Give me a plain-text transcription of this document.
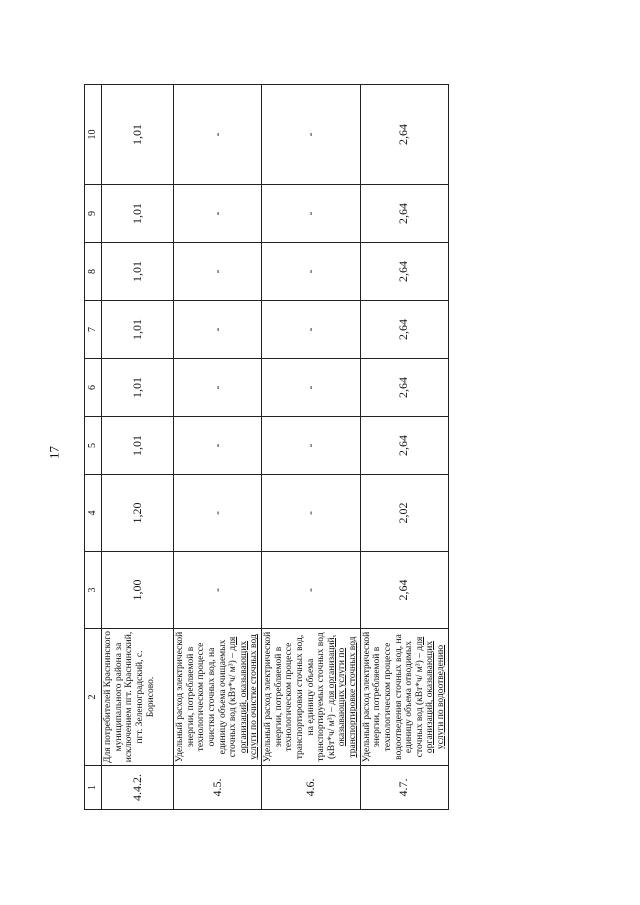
17
1	2	3	4	5	6	7	8	9	10
4.4.2.	Для потребителей Краснинского муниципального района за исключением пгт. Краснинский, пгт. Зеленоградский, с. Борисово.	1,00	1,20	1,01	1,01	1,01	1,01	1,01	1,01
4.5.	Удельный расход электрической энергии, потребляемой в технологическом процессе очистки сточных вод, на единицу объема очищаемых сточных вод (кВт*ч/ м³) – для организаций, оказывающих услуги по очистке сточных вод	-	-	-	-	-	-	-	-
4.6.	Удельный расход электрической энергии, потребляемой в технологическом процессе транспортировки сточных вод, на единицу объема транспортируемых сточных вод (кВт*ч/ м³) – для организаций, оказывающих услуги по транспортировке сточных вод	-	-	-	-	-	-	-	-
4.7.	Удельный расход электрической энергии, потребляемой в технологическом процессе водоотведения сточных вод, на единицу объема отводимых сточных вод (кВт*ч/ м³) – для организаций, оказывающих услуги по водоотведению	2,64	2,02	2,64	2,64	2,64	2,64	2,64	2,64
